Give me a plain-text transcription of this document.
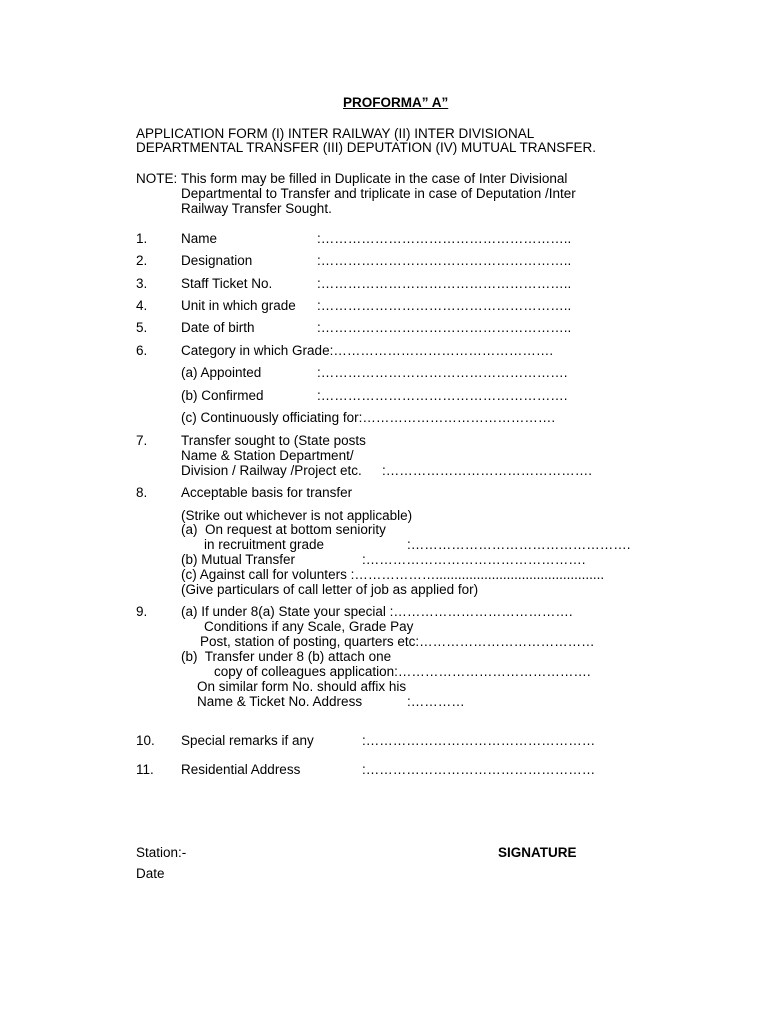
PROFORMA” A”
APPLICATION FORM (I) INTER RAILWAY (II) INTER DIVISIONAL
DEPARTMENTAL TRANSFER (III) DEPUTATION (IV) MUTUAL TRANSFER.
NOTE: This form may be filled in Duplicate in the case of Inter Divisional
Departmental to Transfer and triplicate in case of Deputation /Inter
Railway Transfer Sought.
1. Name	:………………………………………………..
2. Designation	:………………………………………………..
3. Staff Ticket No.	:………………………………………………..
4. Unit in which grade :………………………………………………..
5. Date of birth	:………………………………………………..
6. Category in which Grade:………………………………………….
(a) Appointed	:……………………………………………….
(b) Confirmed	:……………………………………………….
(c) Continuously officiating for:…………………………………….
7. Transfer sought to (State posts
Name & Station Department/
Division / Railway /Project etc. :……………………………………….
8. Acceptable basis for transfer
(Strike out whichever is not applicable)
(a)  On request at bottom seniority
in recruitment grade	:………………………………………….
(b) Mutual Transfer	:………………………………………….
(c) Against call for volunters :……………….............................................
(Give particulars of call letter of job as applied for)
9. (a) If under 8(a) State your special :………………………………….
Conditions if any Scale, Grade Pay
Post, station of posting, quarters etc:…………………………………
(b)  Transfer under 8 (b) attach one
copy of colleagues application:…………………………………….
On similar form No. should affix his
Name & Ticket No. Address	:…………
10. Special remarks if any	:……………………………………………
11. Residential Address	:……………………………………………
Station:-	SIGNATURE
Date
